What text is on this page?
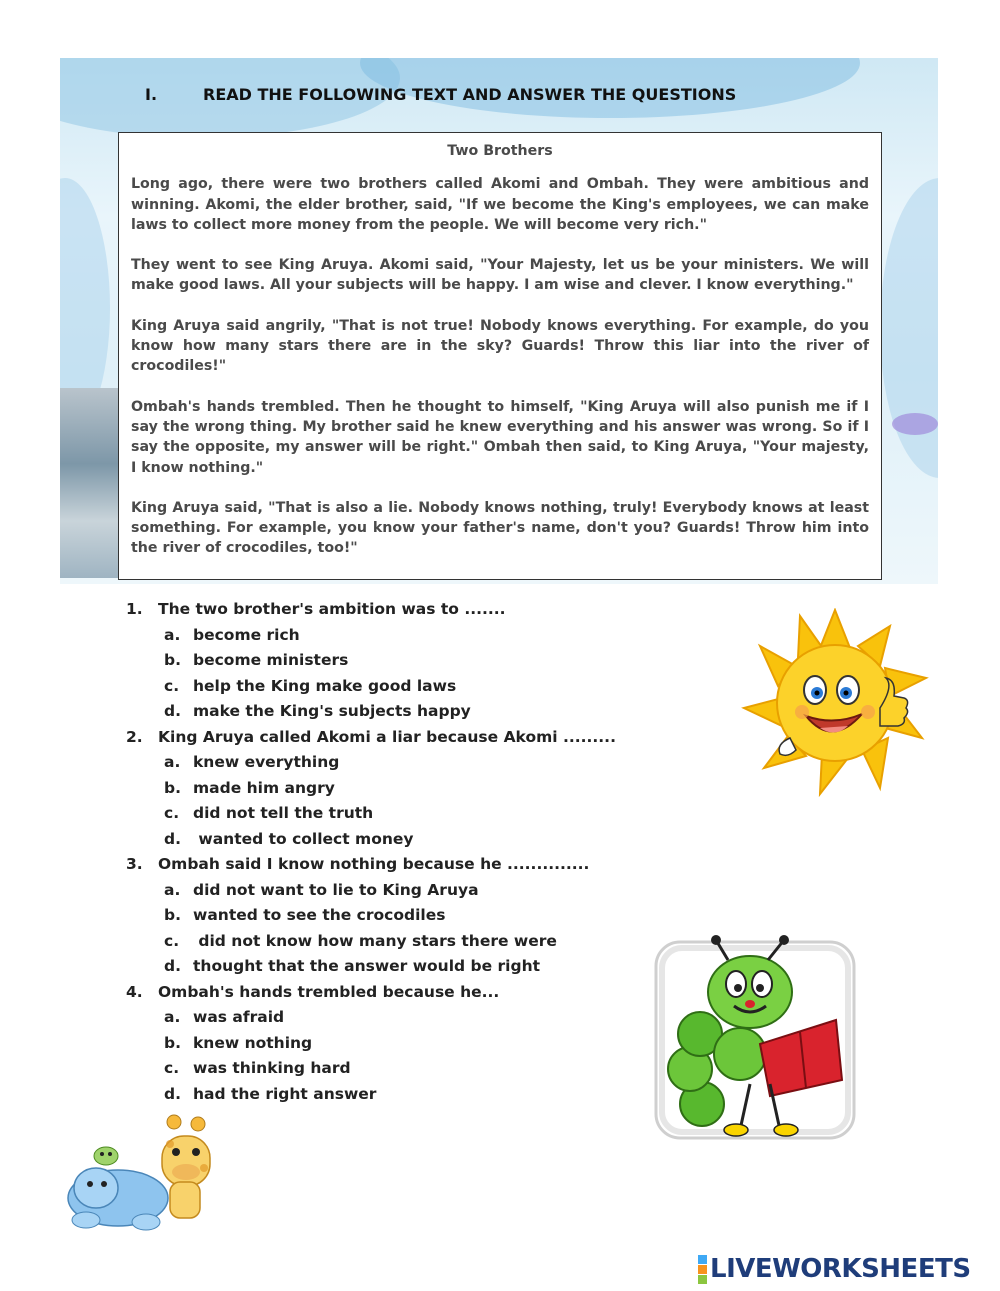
I.	READ THE FOLLOWING TEXT AND ANSWER THE QUESTIONS
Two Brothers

Long ago, there were two brothers called Akomi and Ombah. They were ambitious and winning. Akomi, the elder brother, said, "If we become the King's employees, we can make laws to collect more money from the people. We will become very rich."

They went to see King Aruya. Akomi said, "Your Majesty, let us be your ministers. We will make good laws. All your subjects will be happy. I am wise and clever. I know everything."

King Aruya said angrily, "That is not true! Nobody knows everything. For example, do you know how many stars there are in the sky? Guards! Throw this liar into the river of crocodiles!"

Ombah's hands trembled. Then he thought to himself, "King Aruya will also punish me if I say the wrong thing. My brother said he knew everything and his answer was wrong. So if I say the opposite, my answer will be right." Ombah then said, to King Aruya, "Your majesty, I know nothing."

King Aruya said, "That is also a lie. Nobody knows nothing, truly! Everybody knows at least something. For example, you know your father's name, don't you? Guards! Throw him into the river of crocodiles, too!"

1. The two brother's ambition was to .......
a. become rich
b. become ministers
c. help the King make good laws
d. make the King's subjects happy
2. King Aruya called Akomi a liar because Akomi .........
a. knew everything
b. made him angry
c. did not tell the truth
d. wanted to collect money
3. Ombah said I know nothing because he ..............
a. did not want to lie to King Aruya
b. wanted to see the crocodiles
c. did not know how many stars there were
d. thought that the answer would be right
4. Ombah's hands trembled because he...
a. was afraid
b. knew nothing
c. was thinking hard
d. had the right answer
LIVEWORKSHEETS
